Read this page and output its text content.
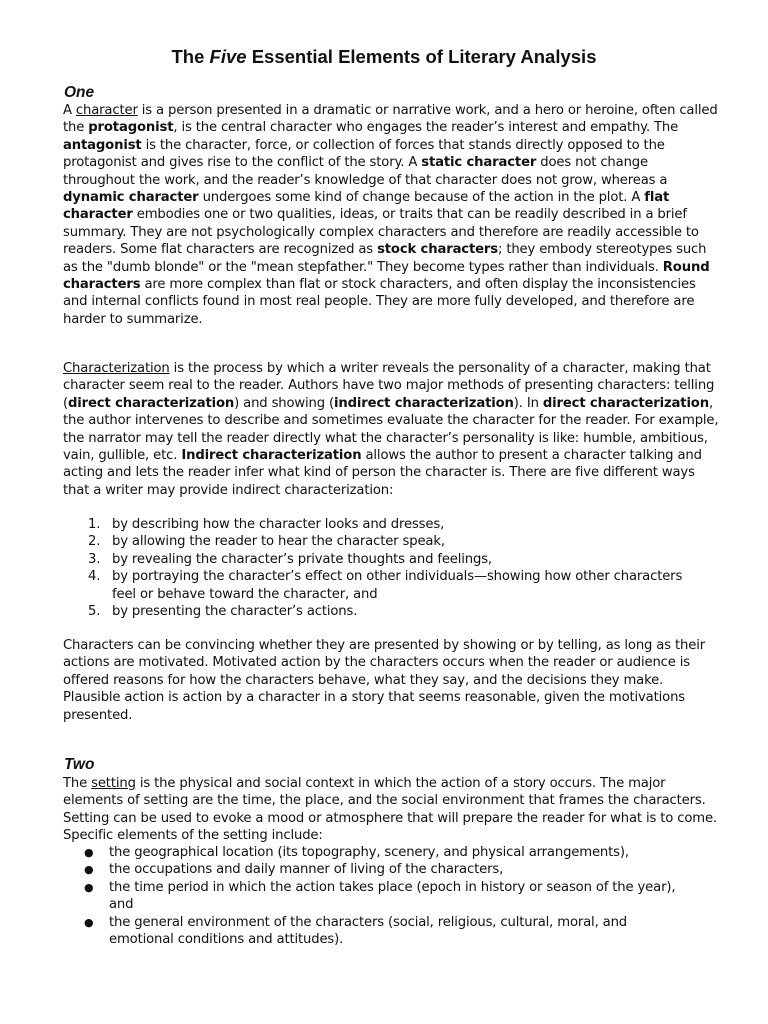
The Five Essential Elements of Literary Analysis
One

A character is a person presented in a dramatic or narrative work, and a hero or heroine, often called the protagonist, is the central character who engages the reader’s interest and empathy. The antagonist is the character, force, or collection of forces that stands directly opposed to the protagonist and gives rise to the conflict of the story. A static character does not change throughout the work, and the reader’s knowledge of that character does not grow, whereas a dynamic character undergoes some kind of change because of the action in the plot. A flat character embodies one or two qualities, ideas, or traits that can be readily described in a brief summary. They are not psychologically complex characters and therefore are readily accessible to readers. Some flat characters are recognized as stock characters; they embody stereotypes such as the "dumb blonde" or the "mean stepfather." They become types rather than individuals. Round characters are more complex than flat or stock characters, and often display the inconsistencies and internal conflicts found in most real people. They are more fully developed, and therefore are harder to summarize.

Characterization is the process by which a writer reveals the personality of a character, making that character seem real to the reader. Authors have two major methods of presenting characters: telling (direct characterization) and showing (indirect characterization). In direct characterization, the author intervenes to describe and sometimes evaluate the character for the reader. For example, the narrator may tell the reader directly what the character’s personality is like: humble, ambitious, vain, gullible, etc. Indirect characterization allows the author to present a character talking and acting and lets the reader infer what kind of person the character is. There are five different ways that a writer may provide indirect characterization:

1. by describing how the character looks and dresses,
2. by allowing the reader to hear the character speak,
3. by revealing the character’s private thoughts and feelings,
4. by portraying the character’s effect on other individuals—showing how other characters feel or behave toward the character, and
5. by presenting the character’s actions.

Characters can be convincing whether they are presented by showing or by telling, as long as their actions are motivated. Motivated action by the characters occurs when the reader or audience is offered reasons for how the characters behave, what they say, and the decisions they make. Plausible action is action by a character in a story that seems reasonable, given the motivations presented.

Two

The setting is the physical and social context in which the action of a story occurs. The major elements of setting are the time, the place, and the social environment that frames the characters. Setting can be used to evoke a mood or atmosphere that will prepare the reader for what is to come. Specific elements of the setting include:

● the geographical location (its topography, scenery, and physical arrangements),
● the occupations and daily manner of living of the characters,
● the time period in which the action takes place (epoch in history or season of the year), and
● the general environment of the characters (social, religious, cultural, moral, and emotional conditions and attitudes).
